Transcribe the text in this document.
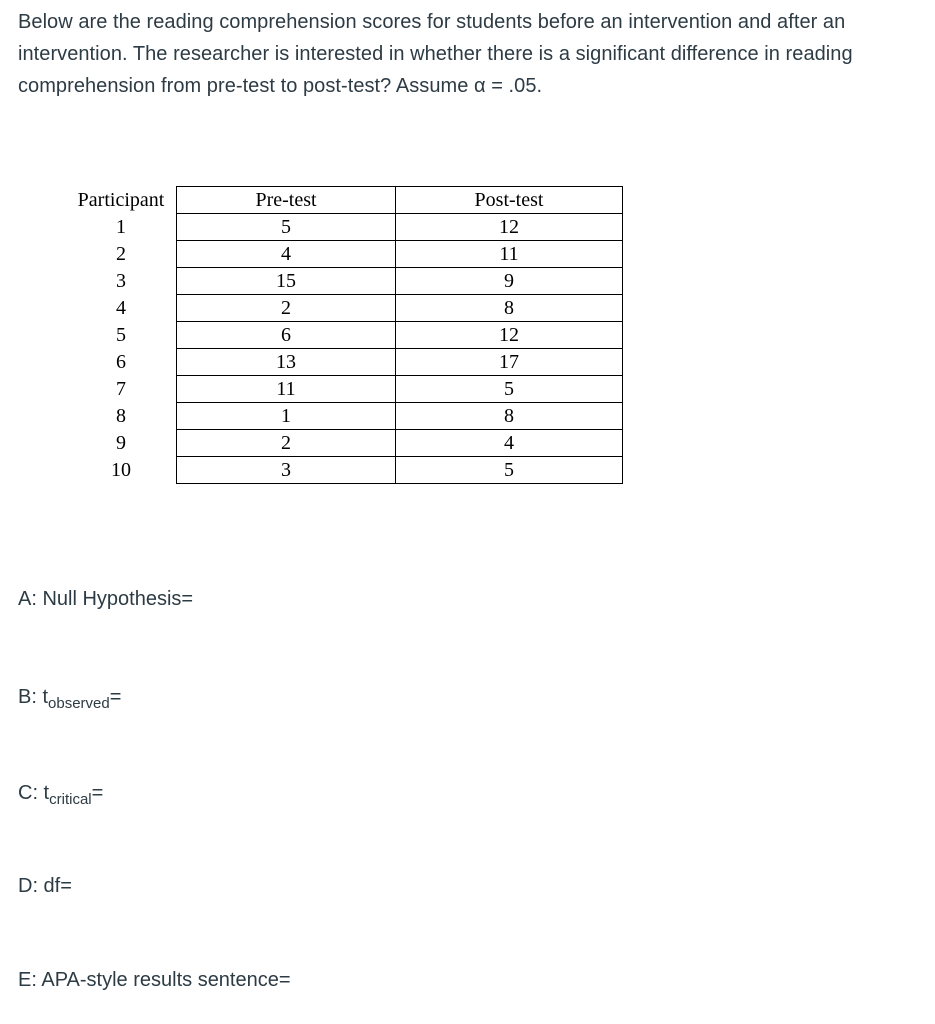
Below are the reading comprehension scores for students before an intervention and after an
intervention. The researcher is interested in whether there is a significant difference in reading
comprehension from pre-test to post-test? Assume α = .05.
Participant	Pre-test	Post-test
1	5	12
2	4	11
3	15	9
4	2	8
5	6	12
6	13	17
7	11	5
8	1	8
9	2	4
10	3	5
A: Null Hypothesis=
B: $t_{observed}=$
C: $t_{critical}=$
D: df=
E: APA-style results sentence=
